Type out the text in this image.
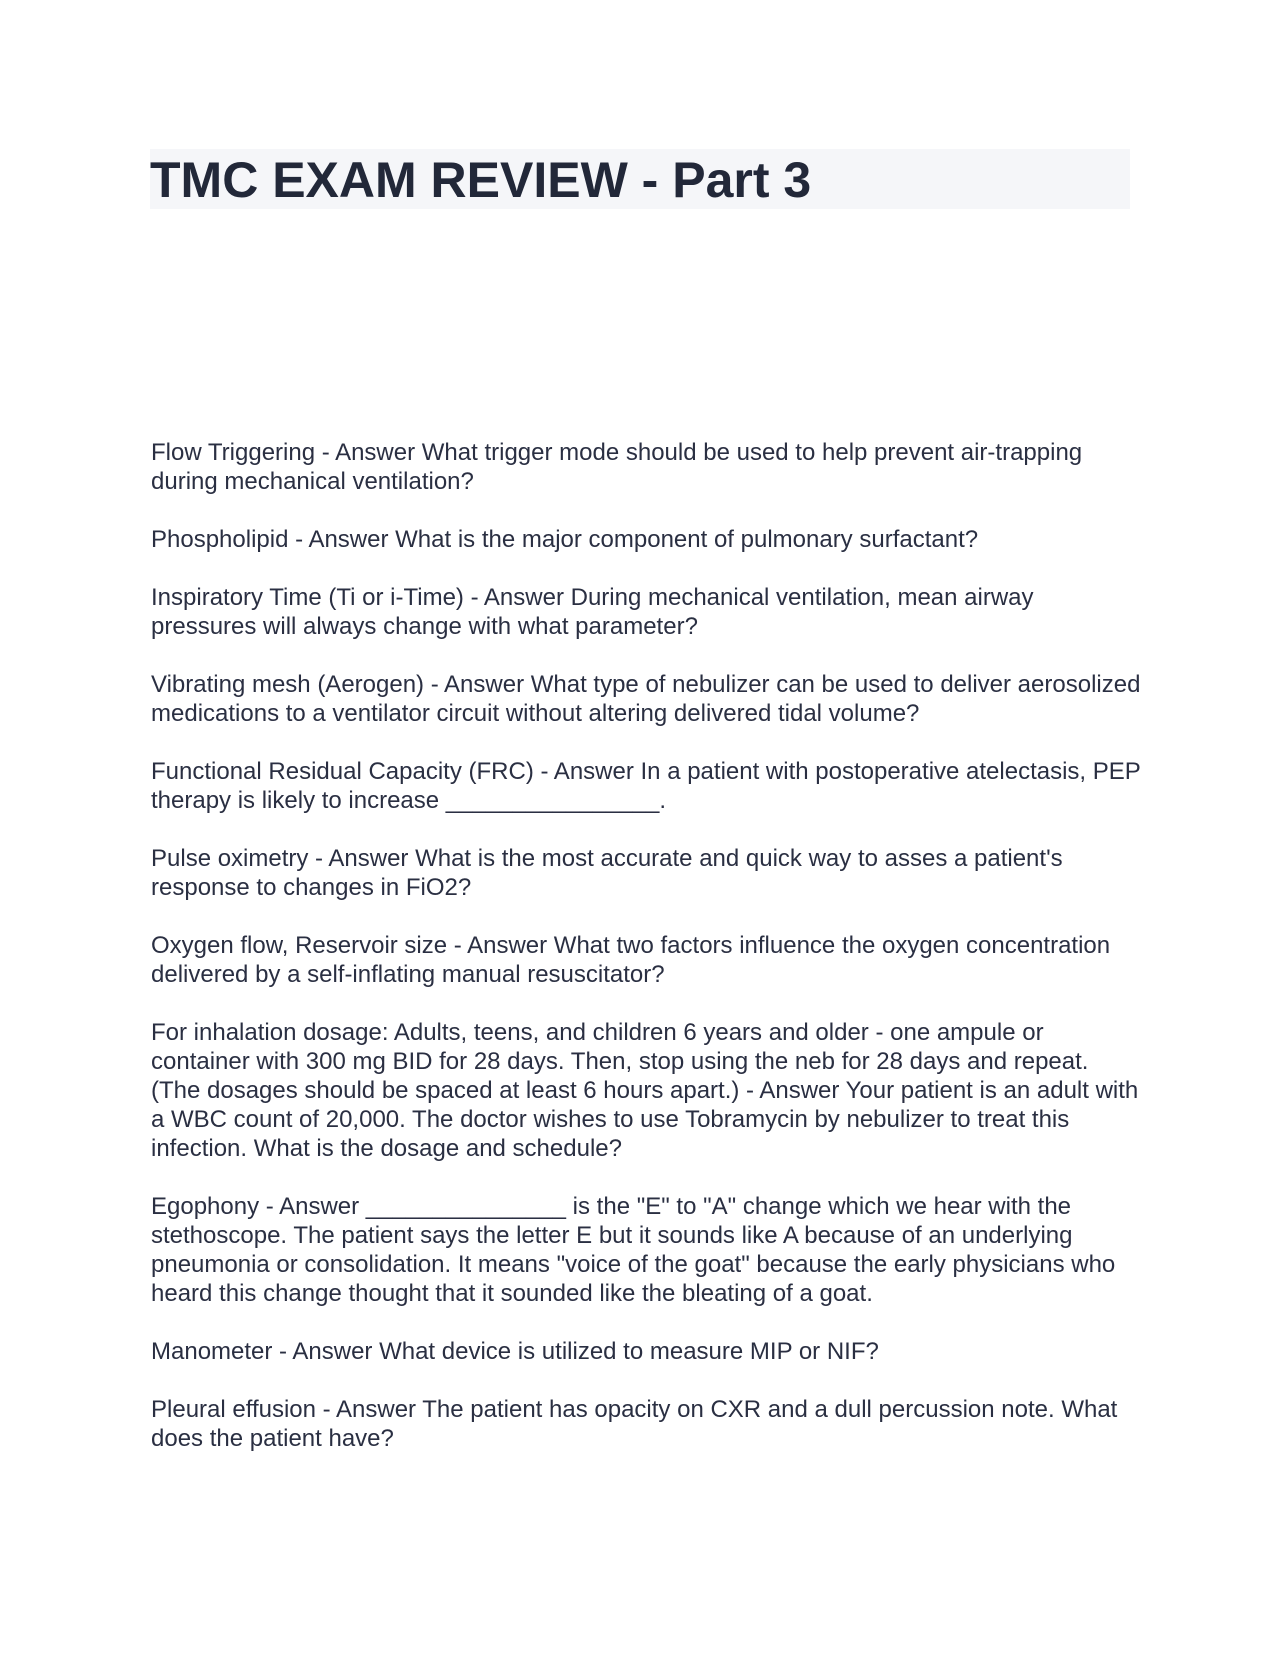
TMC EXAM REVIEW - Part 3

Flow Triggering - Answer What trigger mode should be used to help prevent air-trapping during mechanical ventilation?

Phospholipid - Answer What is the major component of pulmonary surfactant?

Inspiratory Time (Ti or i-Time) - Answer During mechanical ventilation, mean airway pressures will always change with what parameter?

Vibrating mesh (Aerogen) - Answer What type of nebulizer can be used to deliver aerosolized medications to a ventilator circuit without altering delivered tidal volume?

Functional Residual Capacity (FRC) - Answer In a patient with postoperative atelectasis, PEP therapy is likely to increase ________________.

Pulse oximetry - Answer What is the most accurate and quick way to asses a patient's response to changes in FiO2?

Oxygen flow, Reservoir size - Answer What two factors influence the oxygen concentration delivered by a self-inflating manual resuscitator?

For inhalation dosage: Adults, teens, and children 6 years and older - one ampule or container with 300 mg BID for 28 days. Then, stop using the neb for 28 days and repeat. (The dosages should be spaced at least 6 hours apart.) - Answer Your patient is an adult with a WBC count of 20,000. The doctor wishes to use Tobramycin by nebulizer to treat this infection. What is the dosage and schedule?

Egophony - Answer _______________ is the "E" to "A" change which we hear with the stethoscope. The patient says the letter E but it sounds like A because of an underlying pneumonia or consolidation. It means "voice of the goat" because the early physicians who heard this change thought that it sounded like the bleating of a goat.

Manometer - Answer What device is utilized to measure MIP or NIF?

Pleural effusion - Answer The patient has opacity on CXR and a dull percussion note. What does the patient have?
